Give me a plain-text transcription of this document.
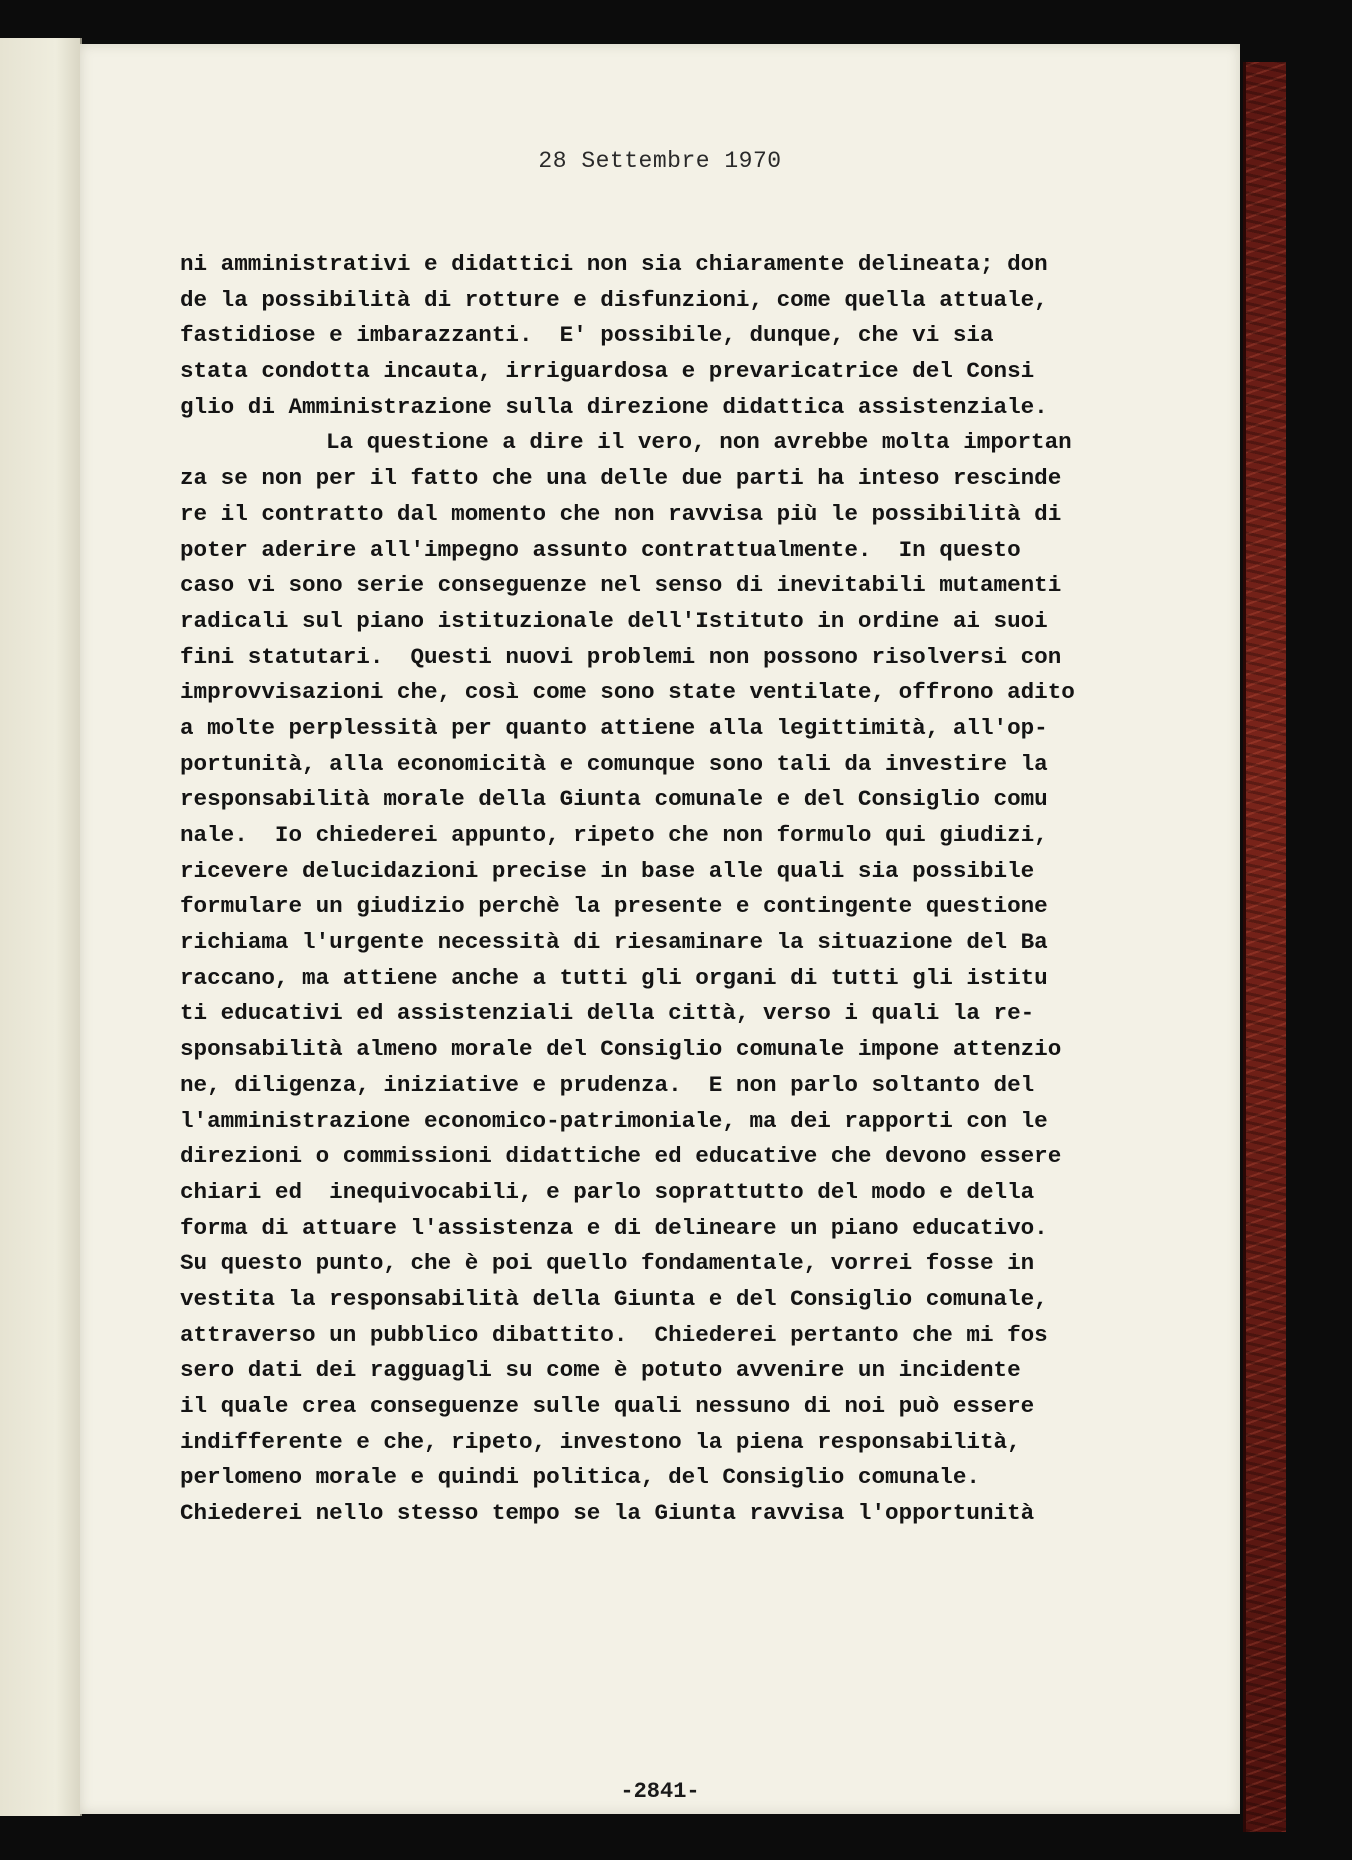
28 Settembre 1970
ni amministrativi e didattici non sia chiaramente delineata; don
de la possibilità di rotture e disfunzioni, come quella attuale,
fastidiose e imbarazzanti.  E' possibile, dunque, che vi sia
stata condotta incauta, irriguardosa e prevaricatrice del Consi
glio di Amministrazione sulla direzione didattica assistenziale.
La questione a dire il vero, non avrebbe molta importan
za se non per il fatto che una delle due parti ha inteso rescinde
re il contratto dal momento che non ravvisa più le possibilità di
poter aderire all'impegno assunto contrattualmente.  In questo
caso vi sono serie conseguenze nel senso di inevitabili mutamenti
radicali sul piano istituzionale dell'Istituto in ordine ai suoi
fini statutari.  Questi nuovi problemi non possono risolversi con
improvvisazioni che, così come sono state ventilate, offrono adito
a molte perplessità per quanto attiene alla legittimità, all'op-
portunità, alla economicità e comunque sono tali da investire la
responsabilità morale della Giunta comunale e del Consiglio comu
nale.  Io chiederei appunto, ripeto che non formulo qui giudizi,
ricevere delucidazioni precise in base alle quali sia possibile
formulare un giudizio perchè la presente e contingente questione
richiama l'urgente necessità di riesaminare la situazione del Ba
raccano, ma attiene anche a tutti gli organi di tutti gli istitu
ti educativi ed assistenziali della città, verso i quali la re-
sponsabilità almeno morale del Consiglio comunale impone attenzio
ne, diligenza, iniziative e prudenza.  E non parlo soltanto del
l'amministrazione economico-patrimoniale, ma dei rapporti con le
direzioni o commissioni didattiche ed educative che devono essere
chiari ed  inequivocabili, e parlo soprattutto del modo e della
forma di attuare l'assistenza e di delineare un piano educativo.
Su questo punto, che è poi quello fondamentale, vorrei fosse in
vestita la responsabilità della Giunta e del Consiglio comunale,
attraverso un pubblico dibattito.  Chiederei pertanto che mi fos
sero dati dei ragguagli su come è potuto avvenire un incidente
il quale crea conseguenze sulle quali nessuno di noi può essere
indifferente e che, ripeto, investono la piena responsabilità,
perlomeno morale e quindi politica, del Consiglio comunale.
Chiederei nello stesso tempo se la Giunta ravvisa l'opportunità
-2841-
